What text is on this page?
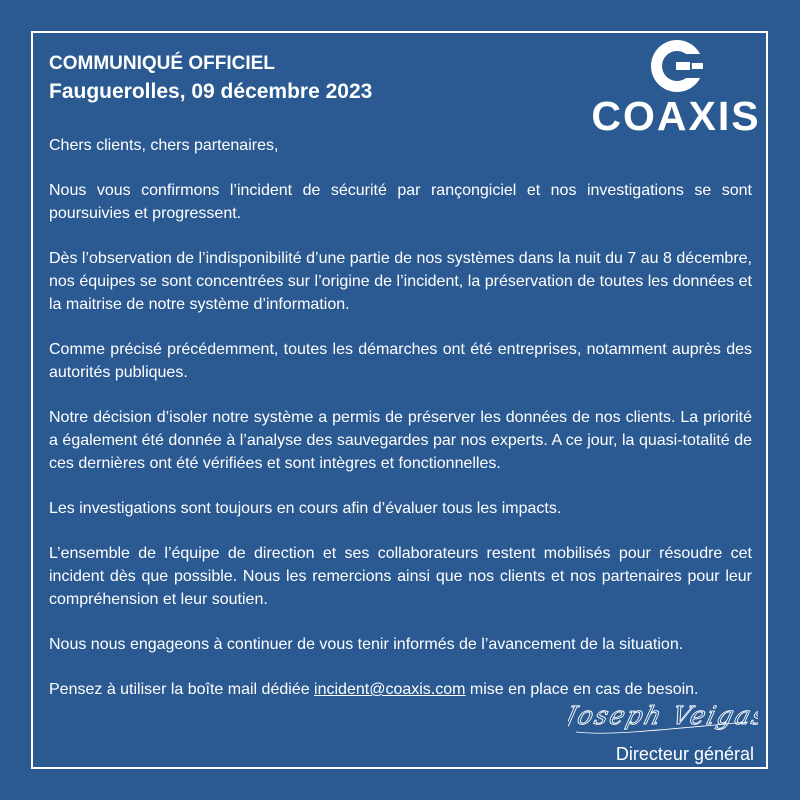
COMMUNIQUÉ OFFICIEL
Fauguerolles, 09 décembre 2023
COAXIS

Chers clients, chers partenaires,

Nous vous confirmons l’incident de sécurité par rançongiciel et nos investigations se sont poursuivies et progressent.

Dès l’observation de l’indisponibilité d’une partie de nos systèmes dans la nuit du 7 au 8 décembre, nos équipes se sont concentrées sur l’origine de l’incident, la préservation de toutes les données et la maitrise de notre système d’information.

Comme précisé précédemment, toutes les démarches ont été entreprises, notamment auprès des autorités publiques.

Notre décision d’isoler notre système a permis de préserver les données de nos clients. La priorité a également été donnée à l’analyse des sauvegardes par nos experts. A ce jour, la quasi-totalité de ces dernières ont été vérifiées et sont intègres et fonctionnelles.

Les investigations sont toujours en cours afin d’évaluer tous les impacts.

L’ensemble de l’équipe de direction et ses collaborateurs restent mobilisés pour résoudre cet incident dès que possible. Nous les remercions ainsi que nos clients et nos partenaires pour leur compréhension et leur soutien.

Nous nous engageons à continuer de vous tenir informés de l’avancement de la situation.

Pensez à utiliser la boîte mail dédiée incident@coaxis.com mise en place en cas de besoin.

Joseph Veigas
Directeur général
